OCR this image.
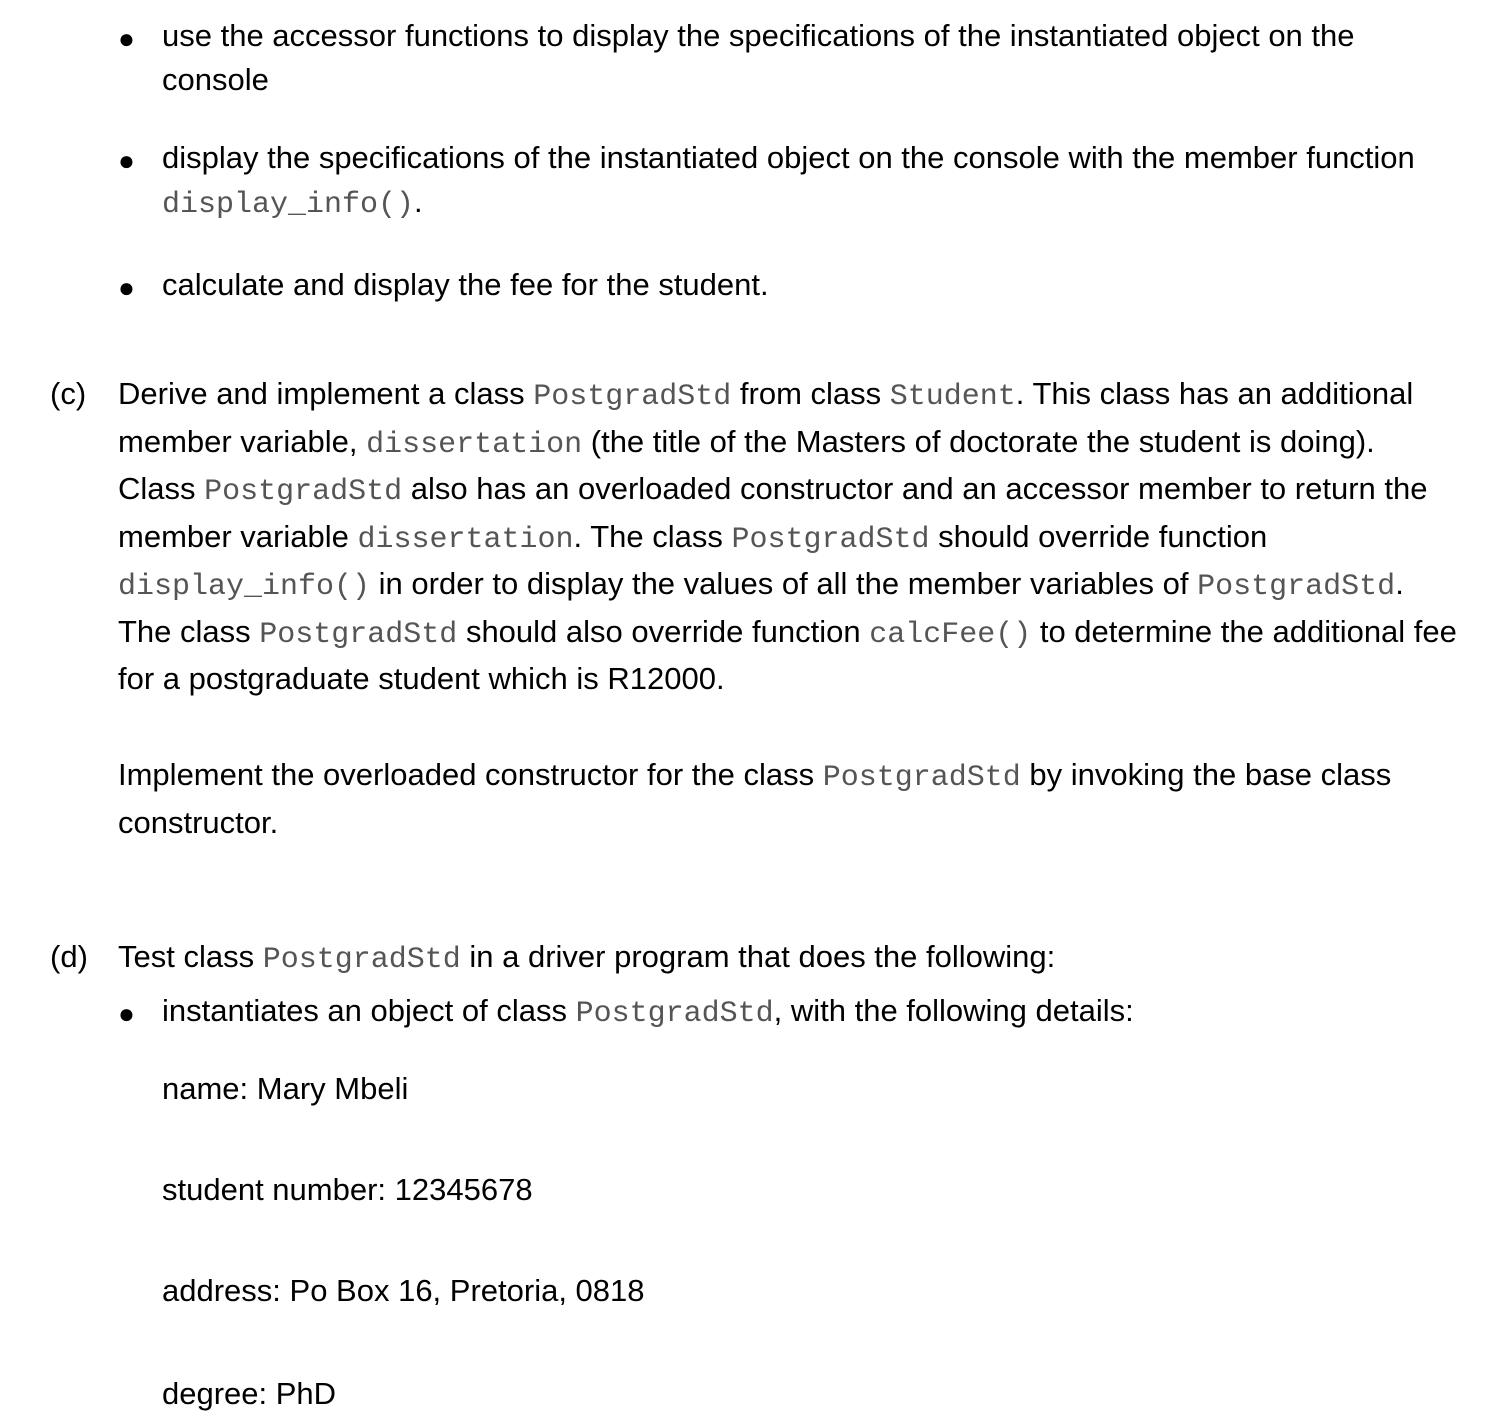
● use the accessor functions to display the specifications of the instantiated object on the console
● display the specifications of the instantiated object on the console with the member function display_info().
● calculate and display the fee for the student.
(c) Derive and implement a class PostgradStd from class Student. This class has an additional member variable, dissertation (the title of the Masters of doctorate the student is doing). Class PostgradStd also has an overloaded constructor and an accessor member to return the member variable dissertation. The class PostgradStd should override function display_info() in order to display the values of all the member variables of PostgradStd. The class PostgradStd should also override function calcFee() to determine the additional fee for a postgraduate student which is R12000.
Implement the overloaded constructor for the class PostgradStd by invoking the base class constructor.
(d) Test class PostgradStd in a driver program that does the following:
● instantiates an object of class PostgradStd, with the following details:
name: Mary Mbeli
student number: 12345678
address: Po Box 16, Pretoria, 0818
degree: PhD
